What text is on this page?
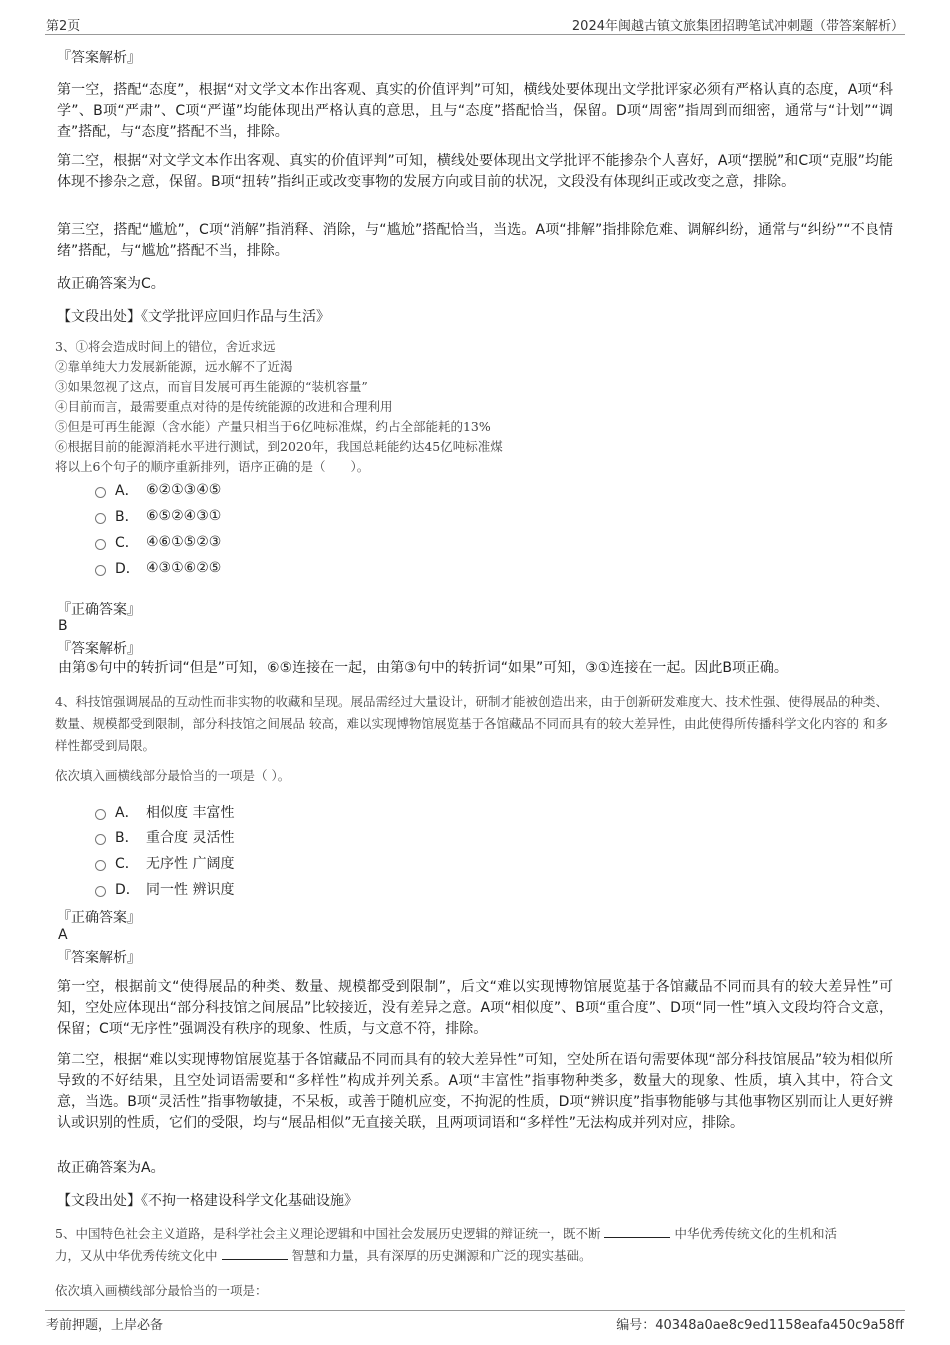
第2页	2024年闽越古镇文旅集团招聘笔试冲刺题（带答案解析）
『答案解析』
第一空，搭配“态度”，根据“对文学文本作出客观、真实的价值评判”可知，横线处要体现出文学批评家必须有严格认真的态度，A项“科学”、B项“严肃”、C项“严谨”均能体现出严格认真的意思，且与“态度”搭配恰当，保留。D项“周密”指周到而细密，通常与“计划”“调查”搭配，与“态度”搭配不当，排除。
第二空，根据“对文学文本作出客观、真实的价值评判”可知，横线处要体现出文学批评不能掺杂个人喜好，A项“摆脱”和C项“克服”均能体现不掺杂之意，保留。B项“扭转”指纠正或改变事物的发展方向或目前的状况，文段没有体现纠正或改变之意，排除。
第三空，搭配“尴尬”，C项“消解”指消释、消除，与“尴尬”搭配恰当，当选。A项“排解”指排除危难、调解纠纷，通常与“纠纷”“不良情绪”搭配，与“尴尬”搭配不当，排除。
故正确答案为C。
【文段出处】《文学批评应回归作品与生活》
3、①将会造成时间上的错位，舍近求远
②靠单纯大力发展新能源，远水解不了近渴
③如果忽视了这点，而盲目发展可再生能源的“装机容量”
④目前而言，最需要重点对待的是传统能源的改进和合理利用
⑤但是可再生能源（含水能）产量只相当于6亿吨标准煤，约占全部能耗的13%
⑥根据目前的能源消耗水平进行测试，到2020年，我国总耗能约达45亿吨标准煤
将以上6个句子的顺序重新排列，语序正确的是（　　）。
A． ⑥②①③④⑤
B． ⑥⑤②④③①
C． ④⑥①⑤②③
D． ④③①⑥②⑤
『正确答案』
B
『答案解析』
由第⑤句中的转折词“但是”可知，⑥⑤连接在一起，由第③句中的转折词“如果”可知，③①连接在一起。因此B项正确。
4、科技馆强调展品的互动性而非实物的收藏和呈现。展品需经过大量设计，研制才能被创造出来，由于创新研发难度大、技术性强、使得展品的种类、数量、规模都受到限制，部分科技馆之间展品 较高，难以实现博物馆展览基于各馆藏品不同而具有的较大差异性，由此使得所传播科学文化内容的 和多样性都受到局限。
依次填入画横线部分最恰当的一项是（ ）。
A． 相似度 丰富性
B． 重合度 灵活性
C． 无序性 广阔度
D． 同一性 辨识度
『正确答案』
A
『答案解析』
第一空，根据前文“使得展品的种类、数量、规模都受到限制”，后文“难以实现博物馆展览基于各馆藏品不同而具有的较大差异性”可知，空处应体现出“部分科技馆之间展品”比较接近，没有差异之意。A项“相似度”、B项“重合度”、D项“同一性”填入文段均符合文意，保留；C项“无序性”强调没有秩序的现象、性质，与文意不符，排除。
第二空，根据“难以实现博物馆展览基于各馆藏品不同而具有的较大差异性”可知，空处所在语句需要体现“部分科技馆展品”较为相似所导致的不好结果，且空处词语需要和“多样性”构成并列关系。A项“丰富性”指事物种类多，数量大的现象、性质，填入其中，符合文意，当选。B项“灵活性”指事物敏捷，不呆板，或善于随机应变，不拘泥的性质，D项“辨识度”指事物能够与其他事物区别而让人更好辨认或识别的性质，它们的受限，均与“展品相似”无直接关联，且两项词语和“多样性”无法构成并列对应，排除。
故正确答案为A。
【文段出处】《不拘一格建设科学文化基础设施》
5、中国特色社会主义道路，是科学社会主义理论逻辑和中国社会发展历史逻辑的辩证统一，既不断	中华优秀传统文化的生机和活
力，又从中华优秀传统文化中	智慧和力量，具有深厚的历史渊源和广泛的现实基础。
依次填入画横线部分最恰当的一项是：
考前押题，上岸必备	编号：40348a0ae8c9ed1158eafa450c9a58ff
